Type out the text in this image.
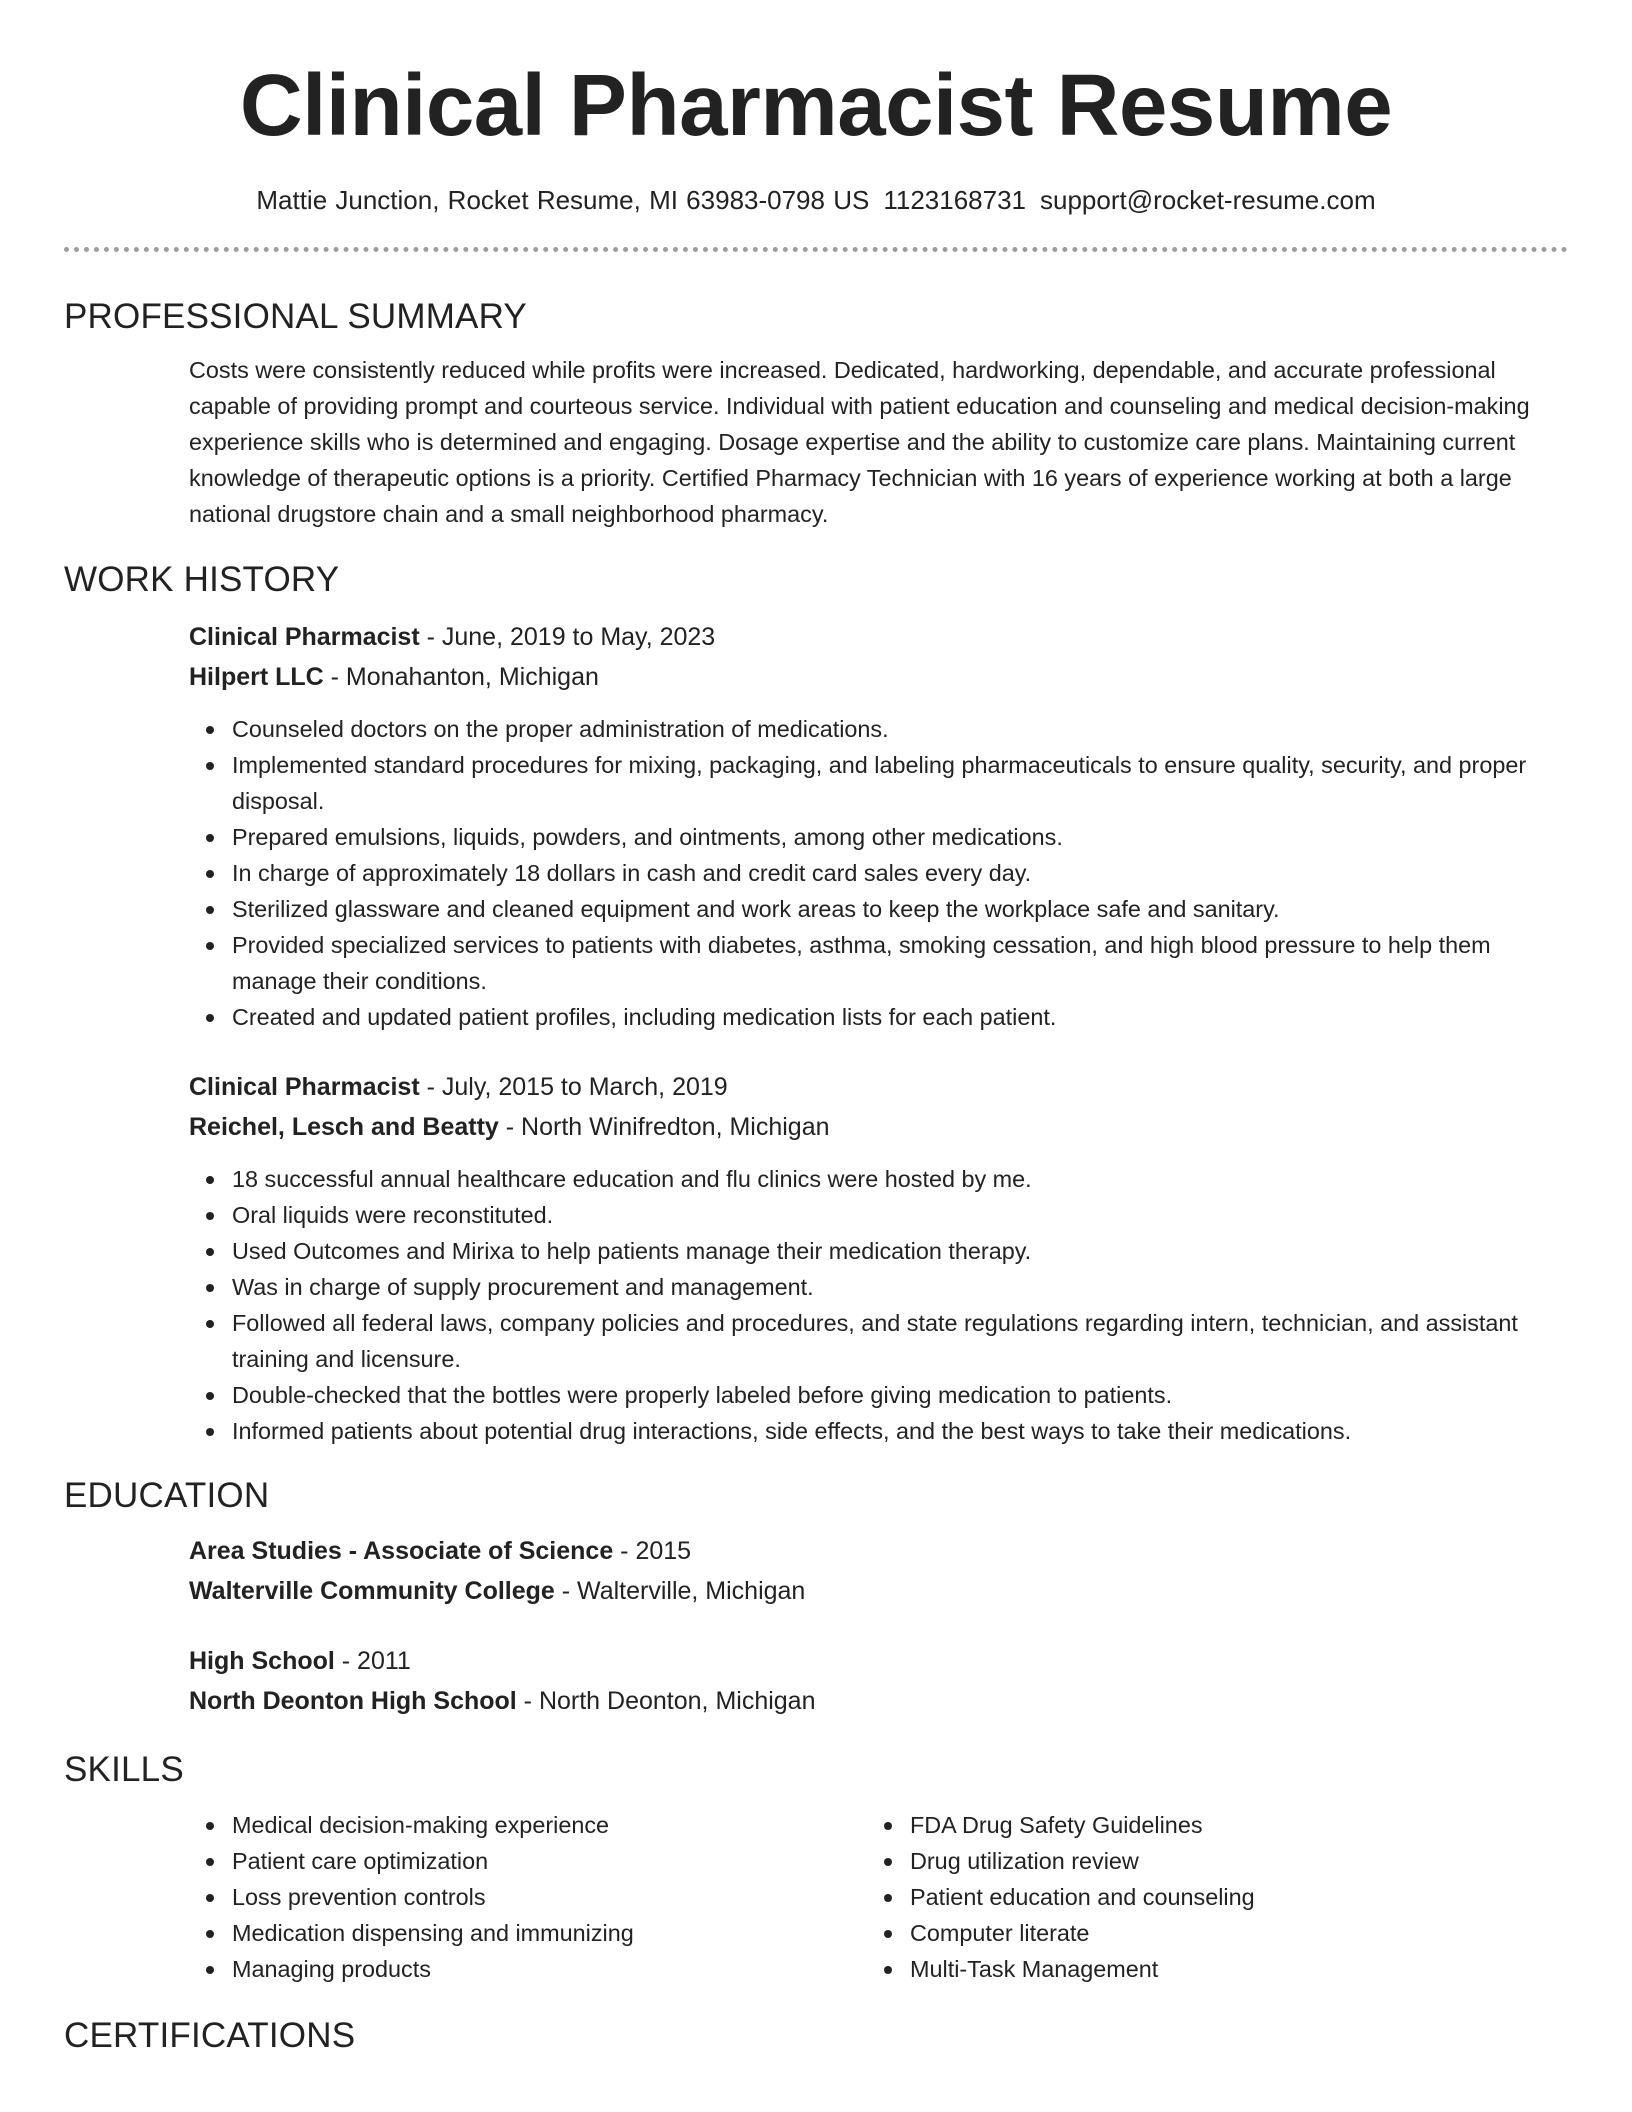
Clinical Pharmacist Resume
Mattie Junction, Rocket Resume, MI 63983-0798 US 1123168731 support@rocket-resume.com
PROFESSIONAL SUMMARY

Costs were consistently reduced while profits were increased. Dedicated, hardworking, dependable, and accurate professional capable of providing prompt and courteous service. Individual with patient education and counseling and medical decision-making experience skills who is determined and engaging. Dosage expertise and the ability to customize care plans. Maintaining current knowledge of therapeutic options is a priority. Certified Pharmacy Technician with 16 years of experience working at both a large national drugstore chain and a small neighborhood pharmacy.

WORK HISTORY
Clinical Pharmacist - June, 2019 to May, 2023
Hilpert LLC - Monahanton, Michigan
Counseled doctors on the proper administration of medications.
Implemented standard procedures for mixing, packaging, and labeling pharmaceuticals to ensure quality, security, and proper disposal.
Prepared emulsions, liquids, powders, and ointments, among other medications.
In charge of approximately 18 dollars in cash and credit card sales every day.
Sterilized glassware and cleaned equipment and work areas to keep the workplace safe and sanitary.
Provided specialized services to patients with diabetes, asthma, smoking cessation, and high blood pressure to help them manage their conditions.
Created and updated patient profiles, including medication lists for each patient.
Clinical Pharmacist - July, 2015 to March, 2019
Reichel, Lesch and Beatty - North Winifredton, Michigan
18 successful annual healthcare education and flu clinics were hosted by me.
Oral liquids were reconstituted.
Used Outcomes and Mirixa to help patients manage their medication therapy.
Was in charge of supply procurement and management.
Followed all federal laws, company policies and procedures, and state regulations regarding intern, technician, and assistant training and licensure.
Double-checked that the bottles were properly labeled before giving medication to patients.
Informed patients about potential drug interactions, side effects, and the best ways to take their medications.
EDUCATION
Area Studies - Associate of Science - 2015
Walterville Community College - Walterville, Michigan
High School - 2011
North Deonton High School - North Deonton, Michigan
SKILLS
Medical decision-making experience
Patient care optimization
Loss prevention controls
Medication dispensing and immunizing
Managing products
FDA Drug Safety Guidelines
Drug utilization review
Patient education and counseling
Computer literate
Multi-Task Management
CERTIFICATIONS
